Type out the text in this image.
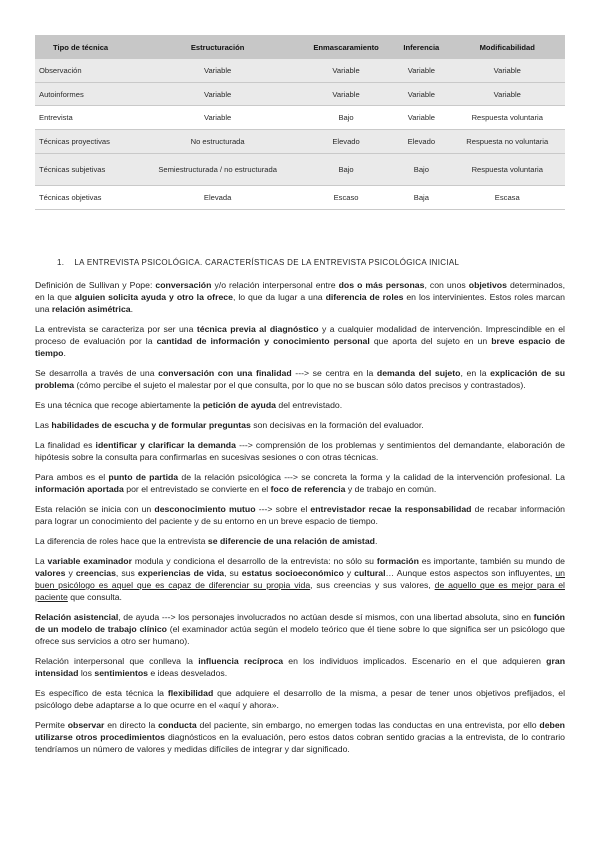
Tipo de técnica	Estructuración	Enmascaramiento	Inferencia	Modificabilidad
Observación	Variable	Variable	Variable	Variable
Autoinformes	Variable	Variable	Variable	Variable
Entrevista	Variable	Bajo	Variable	Respuesta voluntaria
Técnicas proyectivas	No estructurada	Elevado	Elevado	Respuesta no voluntaria
Técnicas subjetivas	Semiestructurada / no estructurada	Bajo	Bajo	Respuesta voluntaria
Técnicas objetivas	Elevada	Escaso	Baja	Escasa
1. LA ENTREVISTA PSICOLÓGICA. CARACTERÍSTICAS DE LA ENTREVISTA PSICOLÓGICA INICIAL

Definición de Sullivan y Pope: conversación y/o relación interpersonal entre dos o más personas, con unos objetivos determinados, en la que alguien solicita ayuda y otro la ofrece, lo que da lugar a una diferencia de roles en los intervinientes. Estos roles marcan una relación asimétrica.

La entrevista se caracteriza por ser una técnica previa al diagnóstico y a cualquier modalidad de intervención. Imprescindible en el proceso de evaluación por la cantidad de información y conocimiento personal que aporta del sujeto en un breve espacio de tiempo.

Se desarrolla a través de una conversación con una finalidad ---> se centra en la demanda del sujeto, en la explicación de su problema (cómo percibe el sujeto el malestar por el que consulta, por lo que no se buscan sólo datos precisos y contrastados).

Es una técnica que recoge abiertamente la petición de ayuda del entrevistado.

Las habilidades de escucha y de formular preguntas son decisivas en la formación del evaluador.

La finalidad es identificar y clarificar la demanda ---> comprensión de los problemas y sentimientos del demandante, elaboración de hipótesis sobre la consulta para confirmarlas en sucesivas sesiones o con otras técnicas.

Para ambos es el punto de partida de la relación psicológica ---> se concreta la forma y la calidad de la intervención profesional. La información aportada por el entrevistado se convierte en el foco de referencia y de trabajo en común.

Esta relación se inicia con un desconocimiento mutuo ---> sobre el entrevistador recae la responsabilidad de recabar información para lograr un conocimiento del paciente y de su entorno en un breve espacio de tiempo.

La diferencia de roles hace que la entrevista se diferencie de una relación de amistad.

La variable examinador modula y condiciona el desarrollo de la entrevista: no sólo su formación es importante, también su mundo de valores y creencias, sus experiencias de vida, su estatus socioeconómico y cultural… Aunque estos aspectos son influyentes, un buen psicólogo es aquel que es capaz de diferenciar su propia vida, sus creencias y sus valores, de aquello que es mejor para el paciente que consulta.

Relación asistencial, de ayuda ---> los personajes involucrados no actúan desde sí mismos, con una libertad absoluta, sino en función de un modelo de trabajo clínico (el examinador actúa según el modelo teórico que él tiene sobre lo que significa ser un psicólogo que ofrece sus servicios a otro ser humano).

Relación interpersonal que conlleva la influencia recíproca en los individuos implicados. Escenario en el que adquieren gran intensidad los sentimientos e ideas desvelados.

Es específico de esta técnica la flexibilidad que adquiere el desarrollo de la misma, a pesar de tener unos objetivos prefijados, el psicólogo debe adaptarse a lo que ocurre en el «aquí y ahora».

Permite observar en directo la conducta del paciente, sin embargo, no emergen todas las conductas en una entrevista, por ello deben utilizarse otros procedimientos diagnósticos en la evaluación, pero estos datos cobran sentido gracias a la entrevista, de lo contrario tendríamos un número de valores y medidas difíciles de integrar y dar significado.
